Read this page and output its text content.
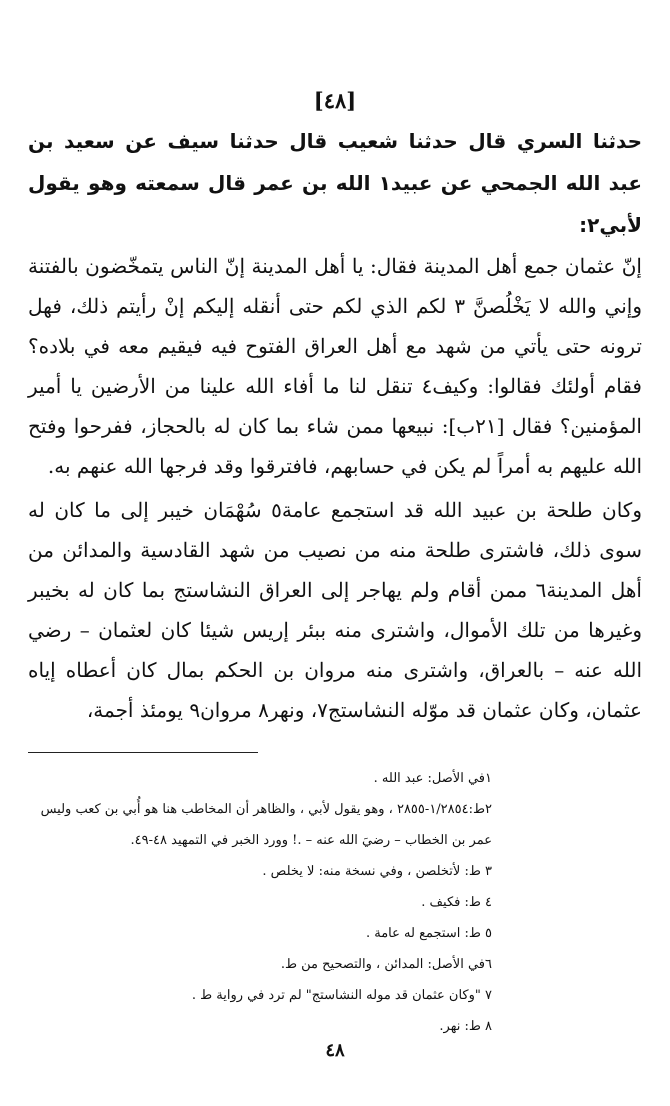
[٤٨]

حدثنا السري قال حدثنا شعيب قال حدثنا سيف عن سعيد بن عبد الله الجمحي عن عبيد١ الله بن عمر قال سمعته وهو يقول لأبي٢:

إنّ عثمان جمع أهل المدينة فقال: يا أهل المدينة إنّ الناس يتمخّضون بالفتنة وإني والله لا يَخْلُصنَّ ٣ لكم الذي لكم حتى أنقله إليكم إنْ رأيتم ذلك، فهل ترونه حتى يأتي من شهد مع أهل العراق الفتوح فيه فيقيم معه في بلاده؟ فقام أولئك فقالوا: وكيف٤ تنقل لنا ما أفاء الله علينا من الأرضين يا أمير المؤمنين؟ فقال [٢١ب]: نبيعها ممن شاء بما كان له بالحجاز، ففرحوا وفتح الله عليهم به أمراً لم يكن في حسابهم، فافترقوا وقد فرجها الله عنهم به.

وكان طلحة بن عبيد الله قد استجمع عامة٥ سُهْمَان خيبر إلى ما كان له سوى ذلك، فاشترى طلحة منه من نصيب من شهد القادسية والمدائن من أهل المدينة٦ ممن أقام ولم يهاجر إلى العراق النشاستج بما كان له بخيبر وغيرها من تلك الأموال، واشترى منه ببئر إريس شيئا كان لعثمان – رضي الله عنه – بالعراق، واشترى منه مروان بن الحكم بمال كان أعطاه إياه عثمان، وكان عثمان قد موّله النشاستج٧، ونهر٨ مروان٩ يومئذ أجمة،

١في الأصل: عبد الله .

٢ط:١/٢٨٥٤-٢٨٥٥ ، وهو يقول لأبي ، والظاهر أن المخاطب هنا هو أُبي بن كعب وليس عمر بن الخطاب – رضيَ الله عنه – .! وورد الخبر في التمهيد ٤٨-٤٩.

٣ ط: لأتخلصن ، وفي نسخة منه: لا يخلص .

٤ ط: فكيف .

٥ ط: استجمع له عامة .

٦في الأصل: المدائن ، والتصحيح من ط.

٧ "وكان عثمان قد موله النشاستج" لم ترد في رواية ط .

٨ ط: نهر.

٤٨
